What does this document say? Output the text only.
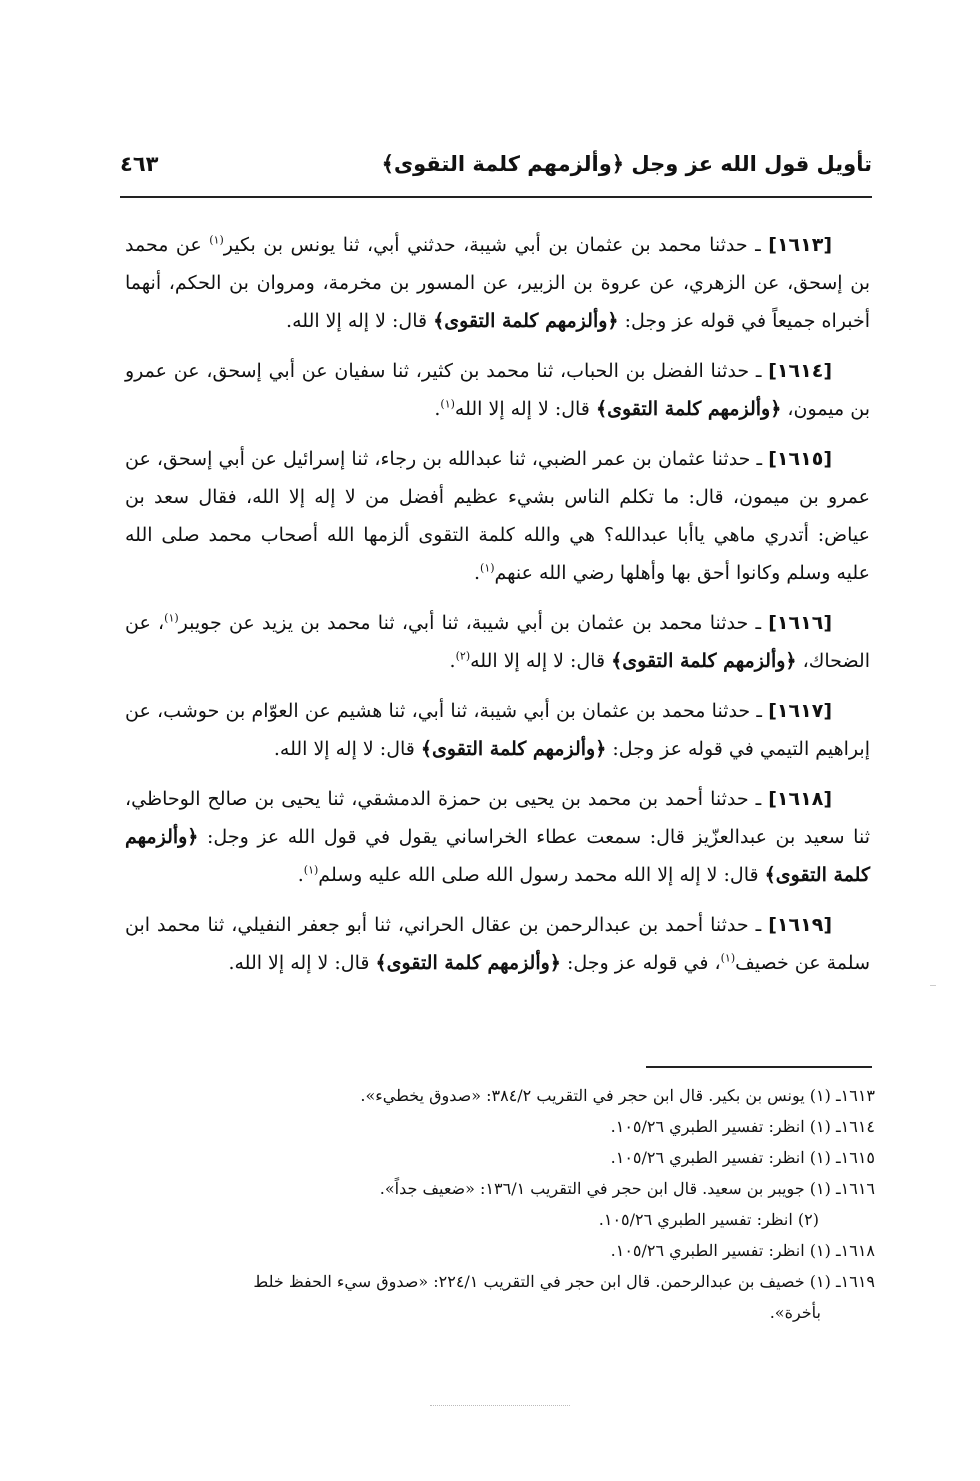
تأويل قول الله عز وجل ﴿وألزمهم كلمة التقوى﴾
٤٦٣

[١٦١٣] ـ حدثنا محمد بن عثمان بن أبي شيبة، حدثني أبي، ثنا يونس بن بكير$^{(١)}$ عن محمد بن إسحق، عن الزهري، عن عروة بن الزبير، عن المسور بن مخرمة، ومروان بن الحكم، أنهما أخبراه جميعاً في قوله عز وجل: ﴿وألزمهم كلمة التقوى﴾ قال: لا إله إلا الله.

[١٦١٤] ـ حدثنا الفضل بن الحباب، ثنا محمد بن كثير، ثنا سفيان عن أبي إسحق، عن عمرو بن ميمون، ﴿وألزمهم كلمة التقوى﴾ قال: لا إله إلا الله$^{(١)}$.

[١٦١٥] ـ حدثنا عثمان بن عمر الضبي، ثنا عبدالله بن رجاء، ثنا إسرائيل عن أبي إسحق، عن عمرو بن ميمون، قال: ما تكلم الناس بشيء عظيم أفضل من لا إله إلا الله، فقال سعد بن عياض: أتدري ماهي ياأبا عبدالله؟ هي والله كلمة التقوى ألزمها الله أصحاب محمد صلى الله عليه وسلم وكانوا أحق بها وأهلها رضي الله عنهم$^{(١)}$.

[١٦١٦] ـ حدثنا محمد بن عثمان بن أبي شيبة، ثنا أبي، ثنا محمد بن يزيد عن جويبر$^{(١)}$، عن الضحاك، ﴿وألزمهم كلمة التقوى﴾ قال: لا إله إلا الله$^{(٢)}$.

[١٦١٧] ـ حدثنا محمد بن عثمان بن أبي شيبة، ثنا أبي، ثنا هشيم عن العوّام بن حوشب، عن إبراهيم التيمي في قوله عز وجل: ﴿وألزمهم كلمة التقوى﴾ قال: لا إله إلا الله.

[١٦١٨] ـ حدثنا أحمد بن محمد بن يحيى بن حمزة الدمشقي، ثنا يحيى بن صالح الوحاظي، ثنا سعيد بن عبدالعزّيز قال: سمعت عطاء الخراساني يقول في قول الله عز وجل: ﴿وألزمهم كلمة التقوى﴾ قال: لا إله إلا الله محمد رسول الله صلى الله عليه وسلم$^{(١)}$.

[١٦١٩] ـ حدثنا أحمد بن عبدالرحمن بن عقال الحراني، ثنا أبو جعفر النفيلي، ثنا محمد ابن سلمة عن خصيف$^{(١)}$، في قوله عز وجل: ﴿وألزمهم كلمة التقوى﴾ قال: لا إله إلا الله.

١٦١٣ـ (١) يونس بن بكير. قال ابن حجر في التقريب ٣٨٤/٢: «صدوق يخطيء».

١٦١٤ـ (١) انظر: تفسير الطبري ١٠٥/٢٦.

١٦١٥ـ (١) انظر: تفسير الطبري ١٠٥/٢٦.

١٦١٦ـ (١) جويبر بن سعيد. قال ابن حجر في التقريب ١٣٦/١: «ضعيف جداً».

(٢) انظر: تفسير الطبري ١٠٥/٢٦.

١٦١٨ـ (١) انظر: تفسير الطبري ١٠٥/٢٦.

١٦١٩ـ (١) خصيف بن عبدالرحمن. قال ابن حجر في التقريب ٢٢٤/١: «صدوق سيء الحفظ خلط

بأخرة».
